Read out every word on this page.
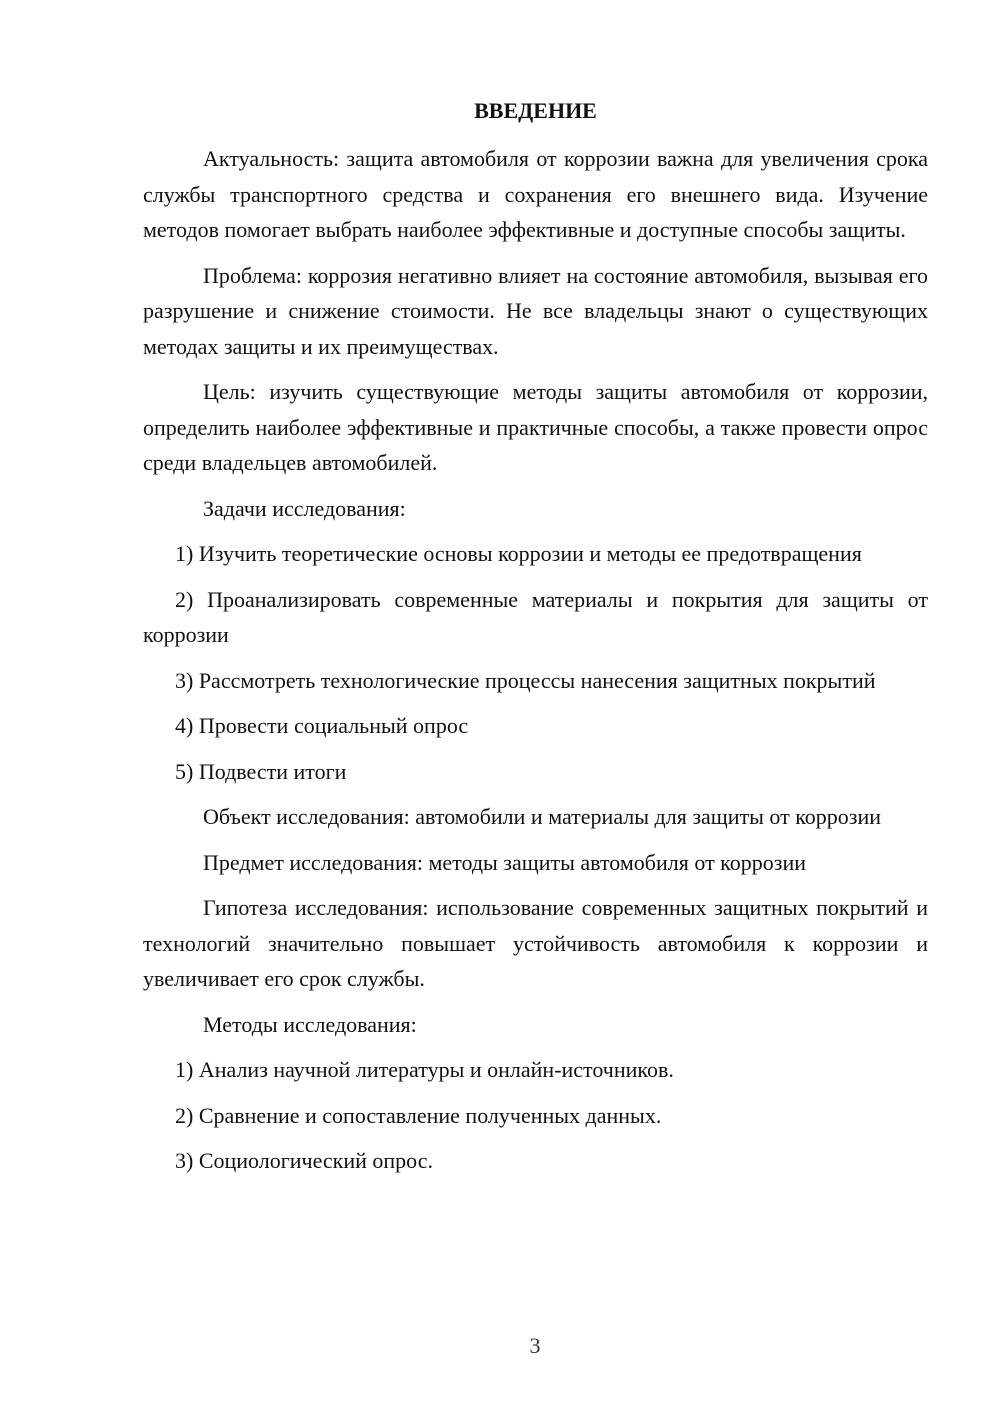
ВВЕДЕНИЕ

Актуальность: защита автомобиля от коррозии важна для увеличения срока службы транспортного средства и сохранения его внешнего вида. Изучение методов помогает выбрать наиболее эффективные и доступные способы защиты.

Проблема: коррозия негативно влияет на состояние автомобиля, вызывая его разрушение и снижение стоимости. Не все владельцы знают о существующих методах защиты и их преимуществах.

Цель: изучить существующие методы защиты автомобиля от коррозии, определить наиболее эффективные и практичные способы, а также провести опрос среди владельцев автомобилей.

Задачи исследования:

1) Изучить теоретические основы коррозии и методы ее предотвращения

2) Проанализировать современные материалы и покрытия для защиты от коррозии

3) Рассмотреть технологические процессы нанесения защитных покрытий

4) Провести социальный опрос

5) Подвести итоги

Объект исследования: автомобили и материалы для защиты от коррозии

Предмет исследования: методы защиты автомобиля от коррозии

Гипотеза исследования: использование современных защитных покрытий и технологий значительно повышает устойчивость автомобиля к коррозии и увеличивает его срок службы.

Методы исследования:

1) Анализ научной литературы и онлайн-источников.

2) Сравнение и сопоставление полученных данных.

3) Социологический опрос.

3
